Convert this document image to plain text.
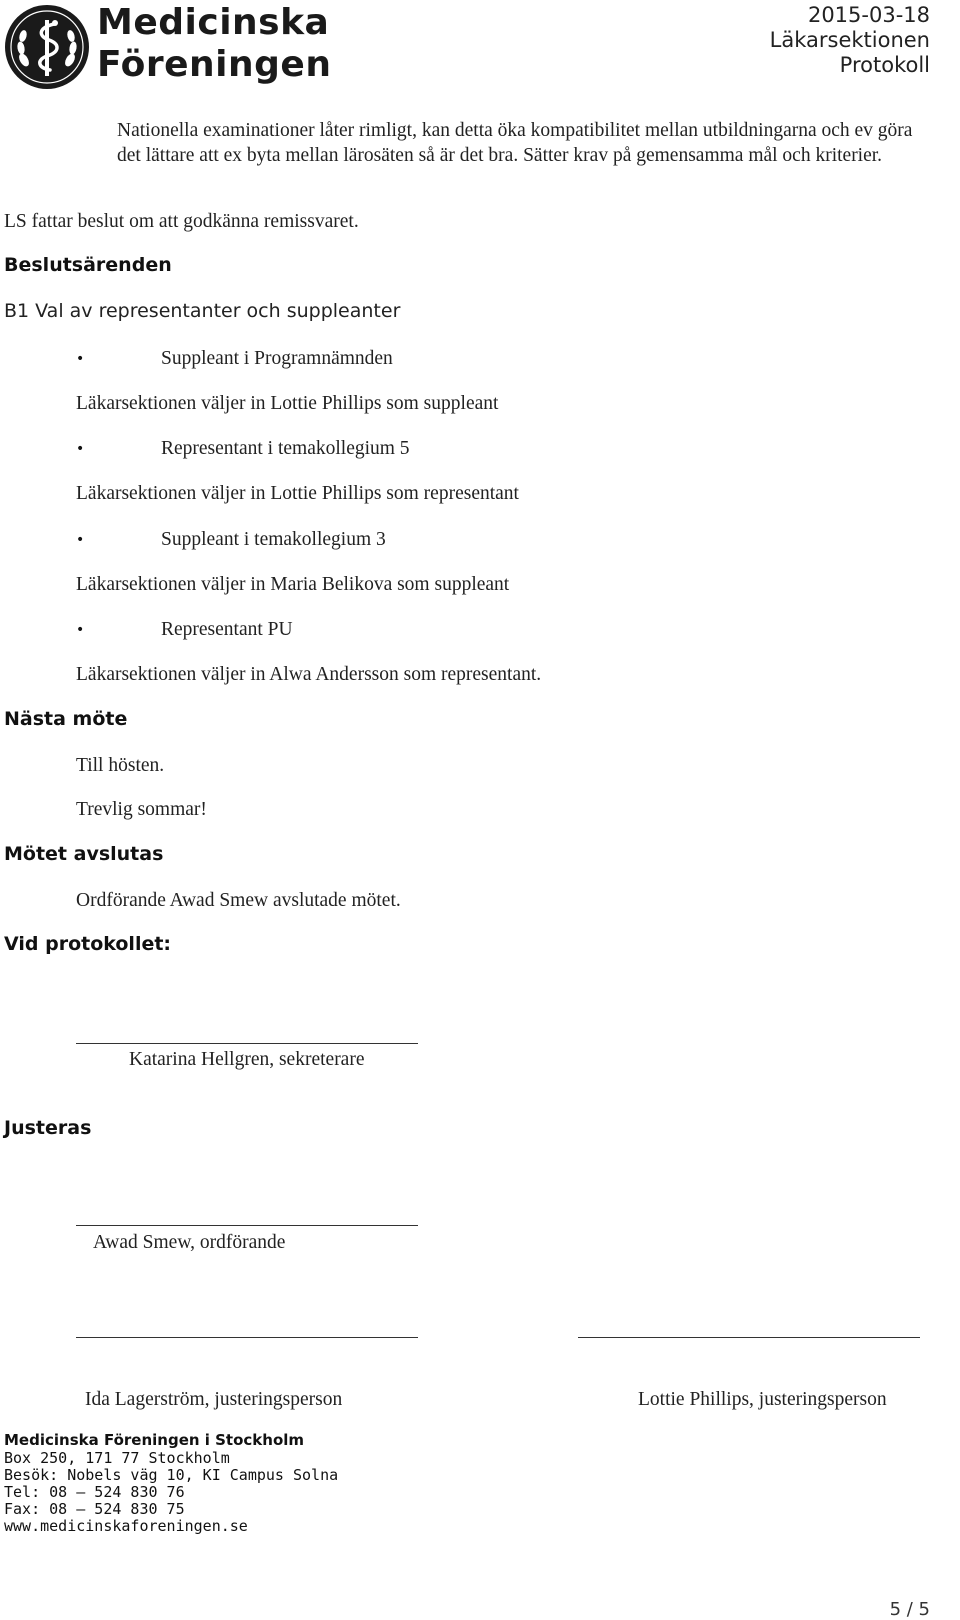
Medicinska
Föreningen
2015-03-18
Läkarsektionen
Protokoll
Nationella examinationer låter rimligt, kan detta öka kompatibilitet mellan utbildningarna och ev göra det lättare att ex byta mellan lärosäten så är det bra. Sätter krav på gemensamma mål och kriterier.
LS fattar beslut om att godkänna remissvaret.
Beslutsärenden
B1 Val av representanter och suppleanter
•	Suppleant i Programnämnden
Läkarsektionen väljer in Lottie Phillips som suppleant
•	Representant i temakollegium 5
Läkarsektionen väljer in Lottie Phillips som representant
•	Suppleant i temakollegium 3
Läkarsektionen väljer in Maria Belikova som suppleant
•	Representant PU
Läkarsektionen väljer in Alwa Andersson som representant.
Nästa möte
Till hösten.
Trevlig sommar!
Mötet avslutas
Ordförande Awad Smew avslutade mötet.
Vid protokollet:
Katarina Hellgren, sekreterare
Justeras
Awad Smew, ordförande
Ida Lagerström, justeringsperson	Lottie Phillips, justeringsperson
Medicinska Föreningen i Stockholm
Box 250, 171 77 Stockholm
Besök: Nobels väg 10, KI Campus Solna
Tel: 08 – 524 830 76
Fax: 08 – 524 830 75
www.medicinskaforeningen.se
5 / 5
